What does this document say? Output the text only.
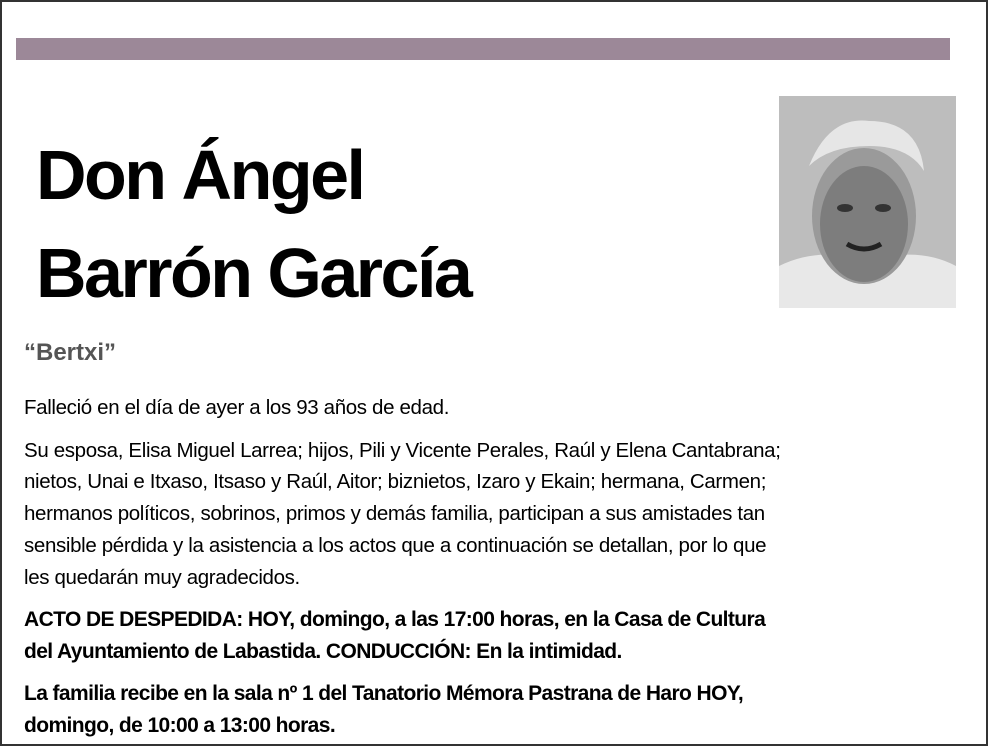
Don Ángel
Barrón García
“Bertxi”
Falleció en el día de ayer a los 93 años de edad.
Su esposa, Elisa Miguel Larrea; hijos, Pili y Vicente Perales, Raúl y Elena Cantabrana;
nietos, Unai e Itxaso, Itsaso y Raúl, Aitor; biznietos, Izaro y Ekain; hermana, Carmen;
hermanos políticos, sobrinos, primos y demás familia, participan a sus amistades tan
sensible pérdida y la asistencia a los actos que a continuación se detallan, por lo que
les quedarán muy agradecidos.
ACTO DE DESPEDIDA: HOY, domingo, a las 17:00 horas, en la Casa de Cultura
del Ayuntamiento de Labastida. CONDUCCIÓN: En la intimidad.
La familia recibe en la sala nº 1 del Tanatorio Mémora Pastrana de Haro HOY,
domingo, de 10:00 a 13:00 horas.
